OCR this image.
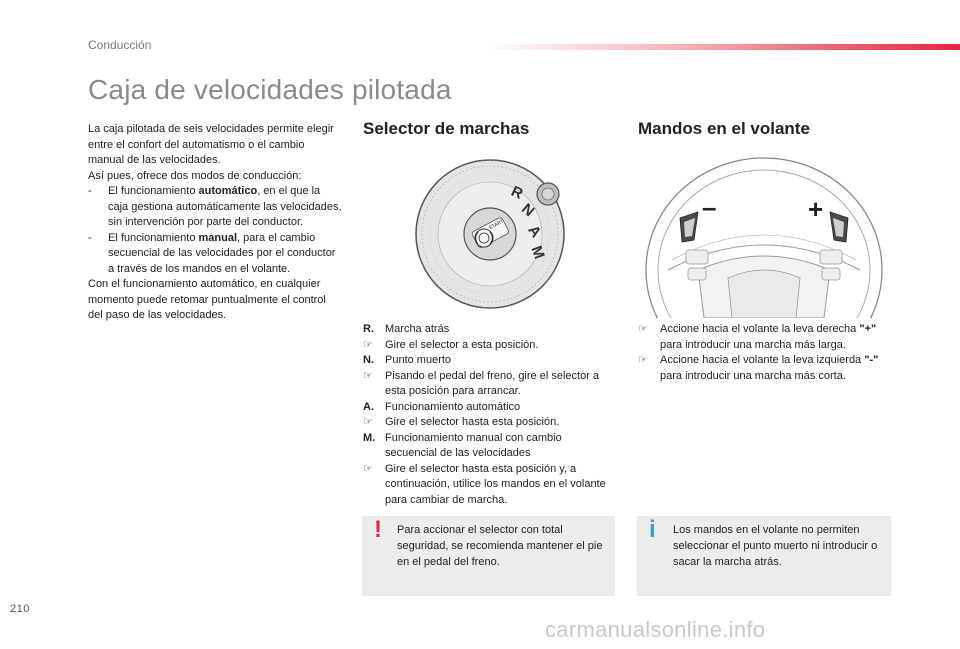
Conducción
Caja de velocidades pilotada

La caja pilotada de seis velocidades permite elegir entre el confort del automatismo o el cambio manual de las velocidades.

Así pues, ofrece dos modos de conducción:

-	El funcionamiento automático, en el que la caja gestiona automáticamente las velocidades, sin intervención por parte del conductor.
-	El funcionamiento manual, para el cambio secuencial de las velocidades por el conductor a través de los mandos en el volante.

Con el funcionamiento automático, en cualquier momento puede retomar puntualmente el control del paso de las velocidades.

Selector de marchas
R
N
A
M
START
R.	Marcha atrás
☞	Gire el selector a esta posición.
N.	Punto muerto
☞	Pisando el pedal del freno, gire el selector a esta posición para arrancar.
A.	Funcionamiento automático
☞	Gire el selector hasta esta posición.
M. Funcionamiento manual con cambio secuencial de las velocidades
☞	Gire el selector hasta esta posición y, a continuación, utilice los mandos en el volante para cambiar de marcha.
! Para accionar el selector con total seguridad, se recomienda mantener el pie en el pedal del freno.
Mandos en el volante
–	+
☞	Accione hacia el volante la leva derecha "+" para introducir una marcha más larga.
☞	Accione hacia el volante la leva izquierda "-" para introducir una marcha más corta.
i Los mandos en el volante no permiten seleccionar el punto muerto ni introducir o sacar la marcha atrás.
210
carmanualsonline.info
